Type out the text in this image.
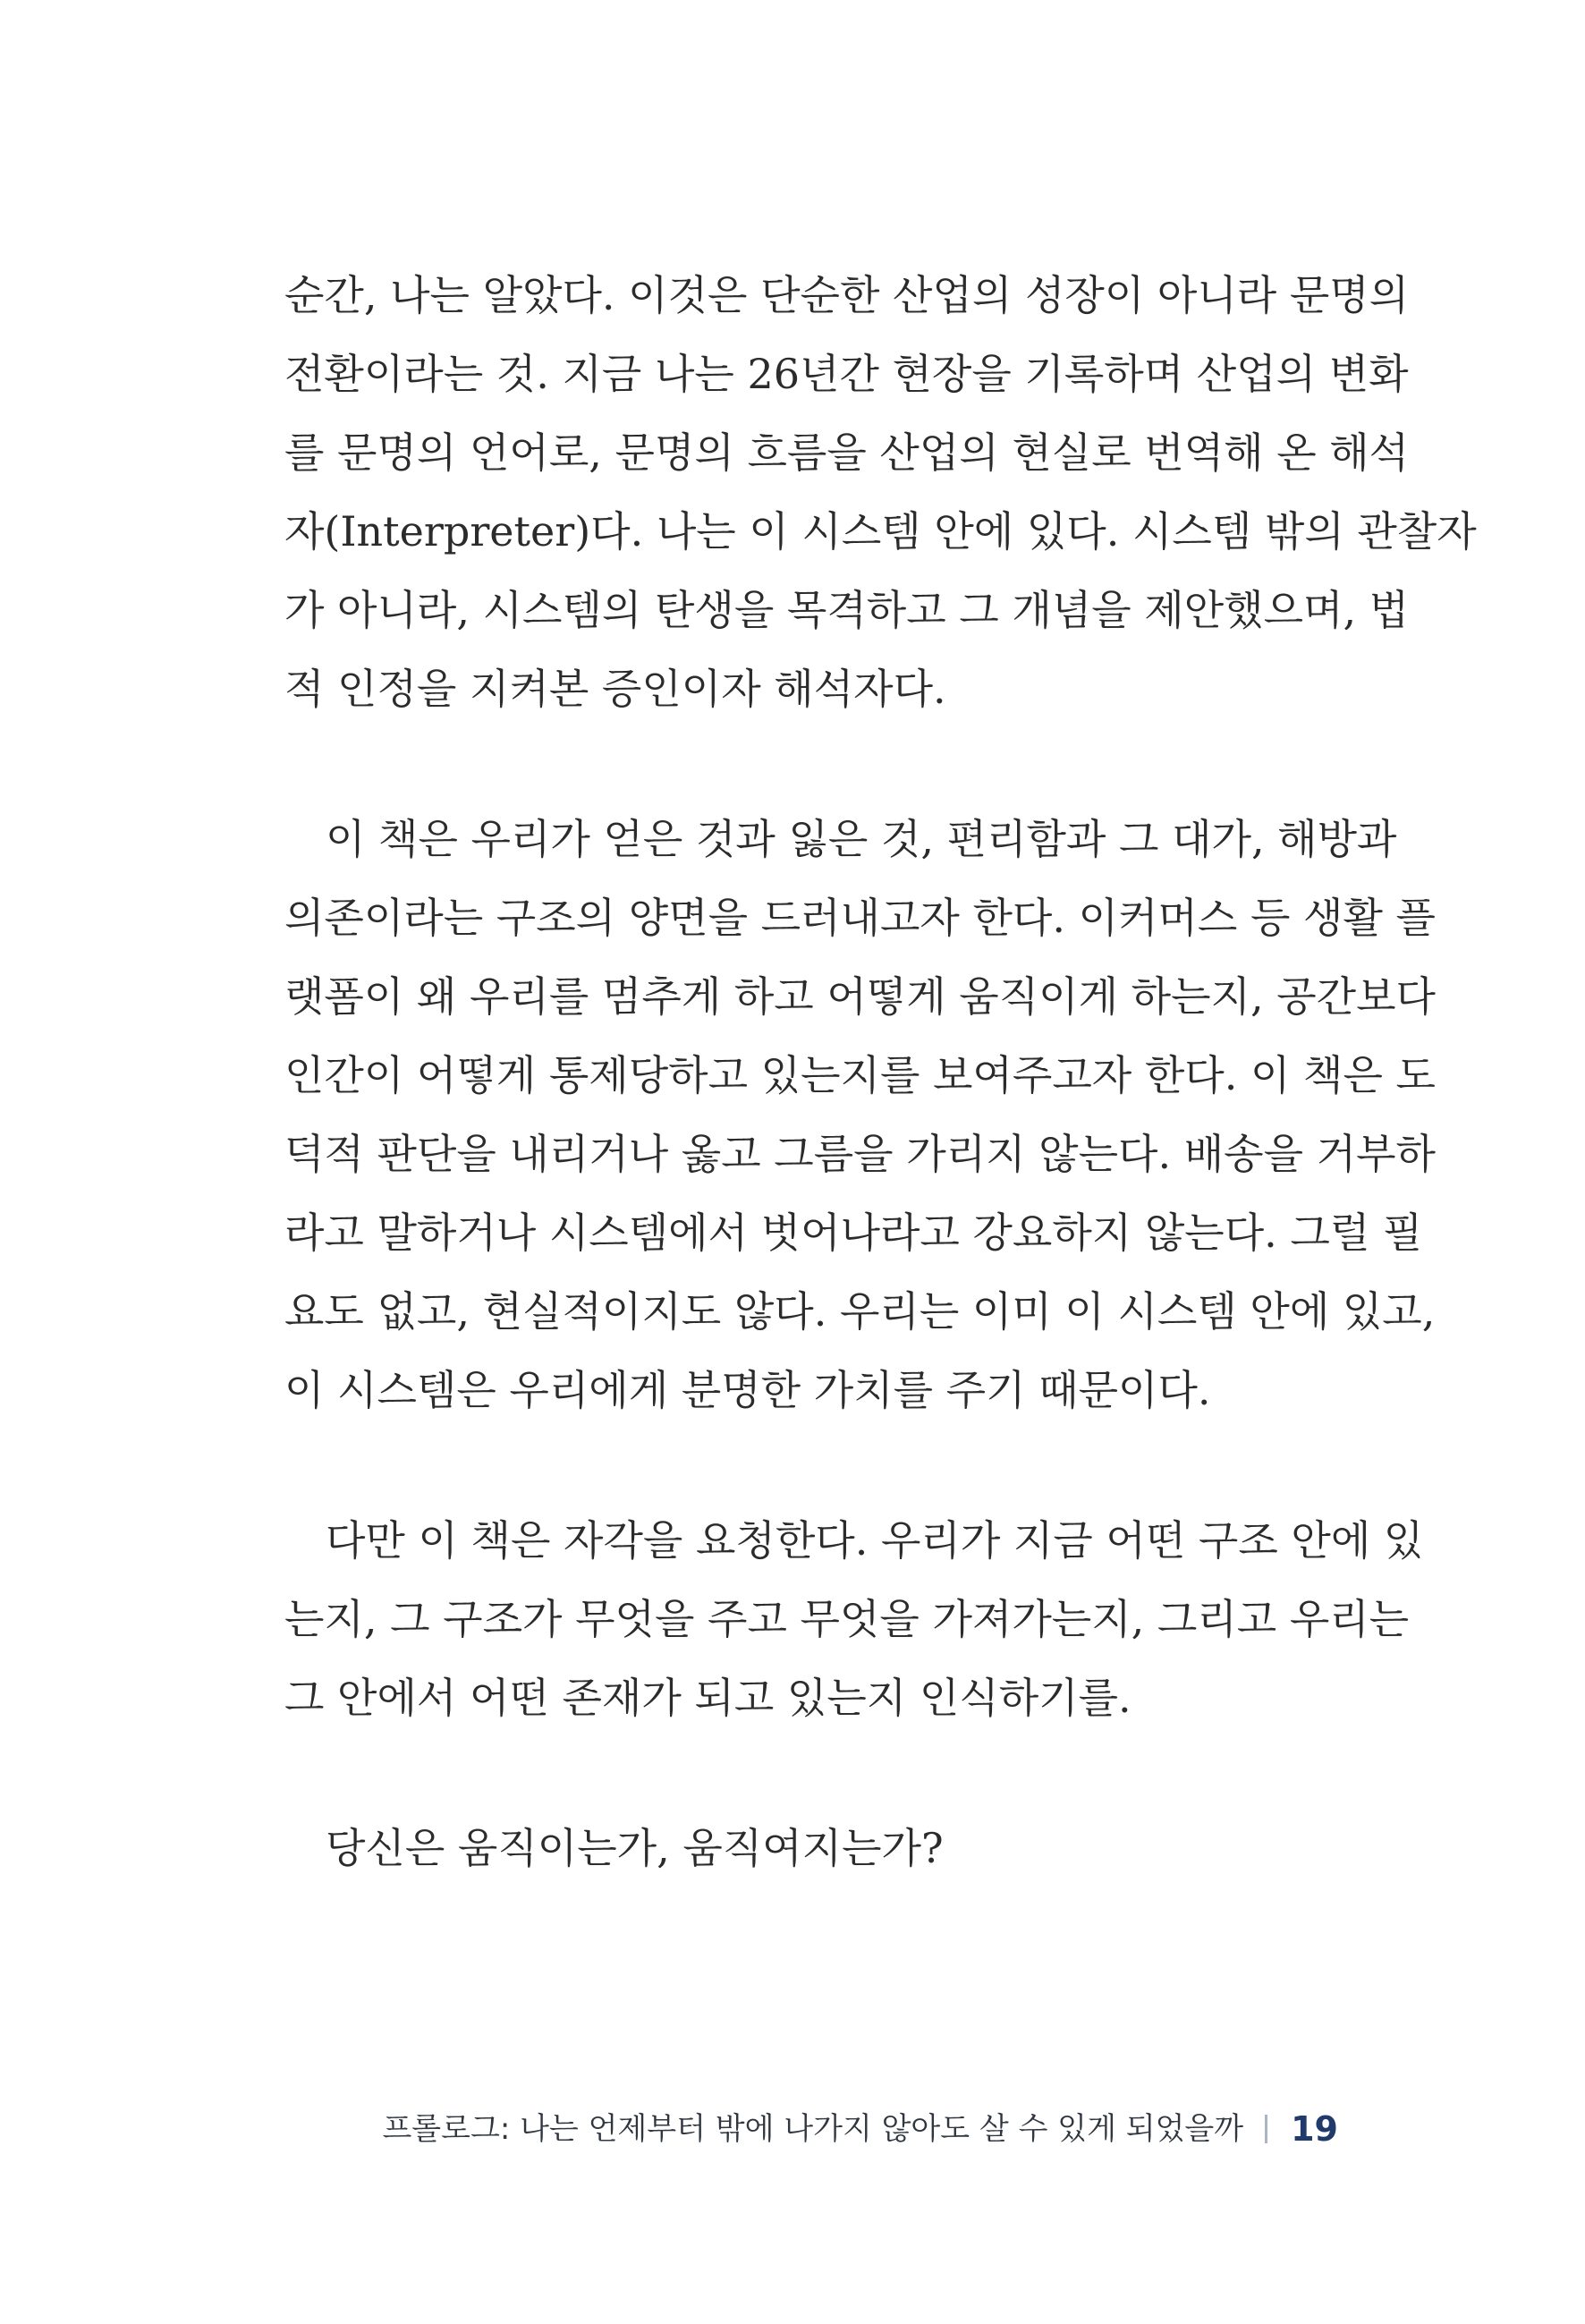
순간, 나는 알았다. 이것은 단순한 산업의 성장이 아니라 문명의
전환이라는 것. 지금 나는 26년간 현장을 기록하며 산업의 변화
를 문명의 언어로, 문명의 흐름을 산업의 현실로 번역해 온 해석
자(Interpreter)다. 나는 이 시스템 안에 있다. 시스템 밖의 관찰자
가 아니라, 시스템의 탄생을 목격하고 그 개념을 제안했으며, 법
적 인정을 지켜본 증인이자 해석자다.
이 책은 우리가 얻은 것과 잃은 것, 편리함과 그 대가, 해방과
의존이라는 구조의 양면을 드러내고자 한다. 이커머스 등 생활 플
랫폼이 왜 우리를 멈추게 하고 어떻게 움직이게 하는지, 공간보다
인간이 어떻게 통제당하고 있는지를 보여주고자 한다. 이 책은 도
덕적 판단을 내리거나 옳고 그름을 가리지 않는다. 배송을 거부하
라고 말하거나 시스템에서 벗어나라고 강요하지 않는다. 그럴 필
요도 없고, 현실적이지도 않다. 우리는 이미 이 시스템 안에 있고,
이 시스템은 우리에게 분명한 가치를 주기 때문이다.
다만 이 책은 자각을 요청한다. 우리가 지금 어떤 구조 안에 있
는지, 그 구조가 무엇을 주고 무엇을 가져가는지, 그리고 우리는
그 안에서 어떤 존재가 되고 있는지 인식하기를.
당신은 움직이는가, 움직여지는가?
프롤로그: 나는 언제부터 밖에 나가지 않아도 살 수 있게 되었을까 19
